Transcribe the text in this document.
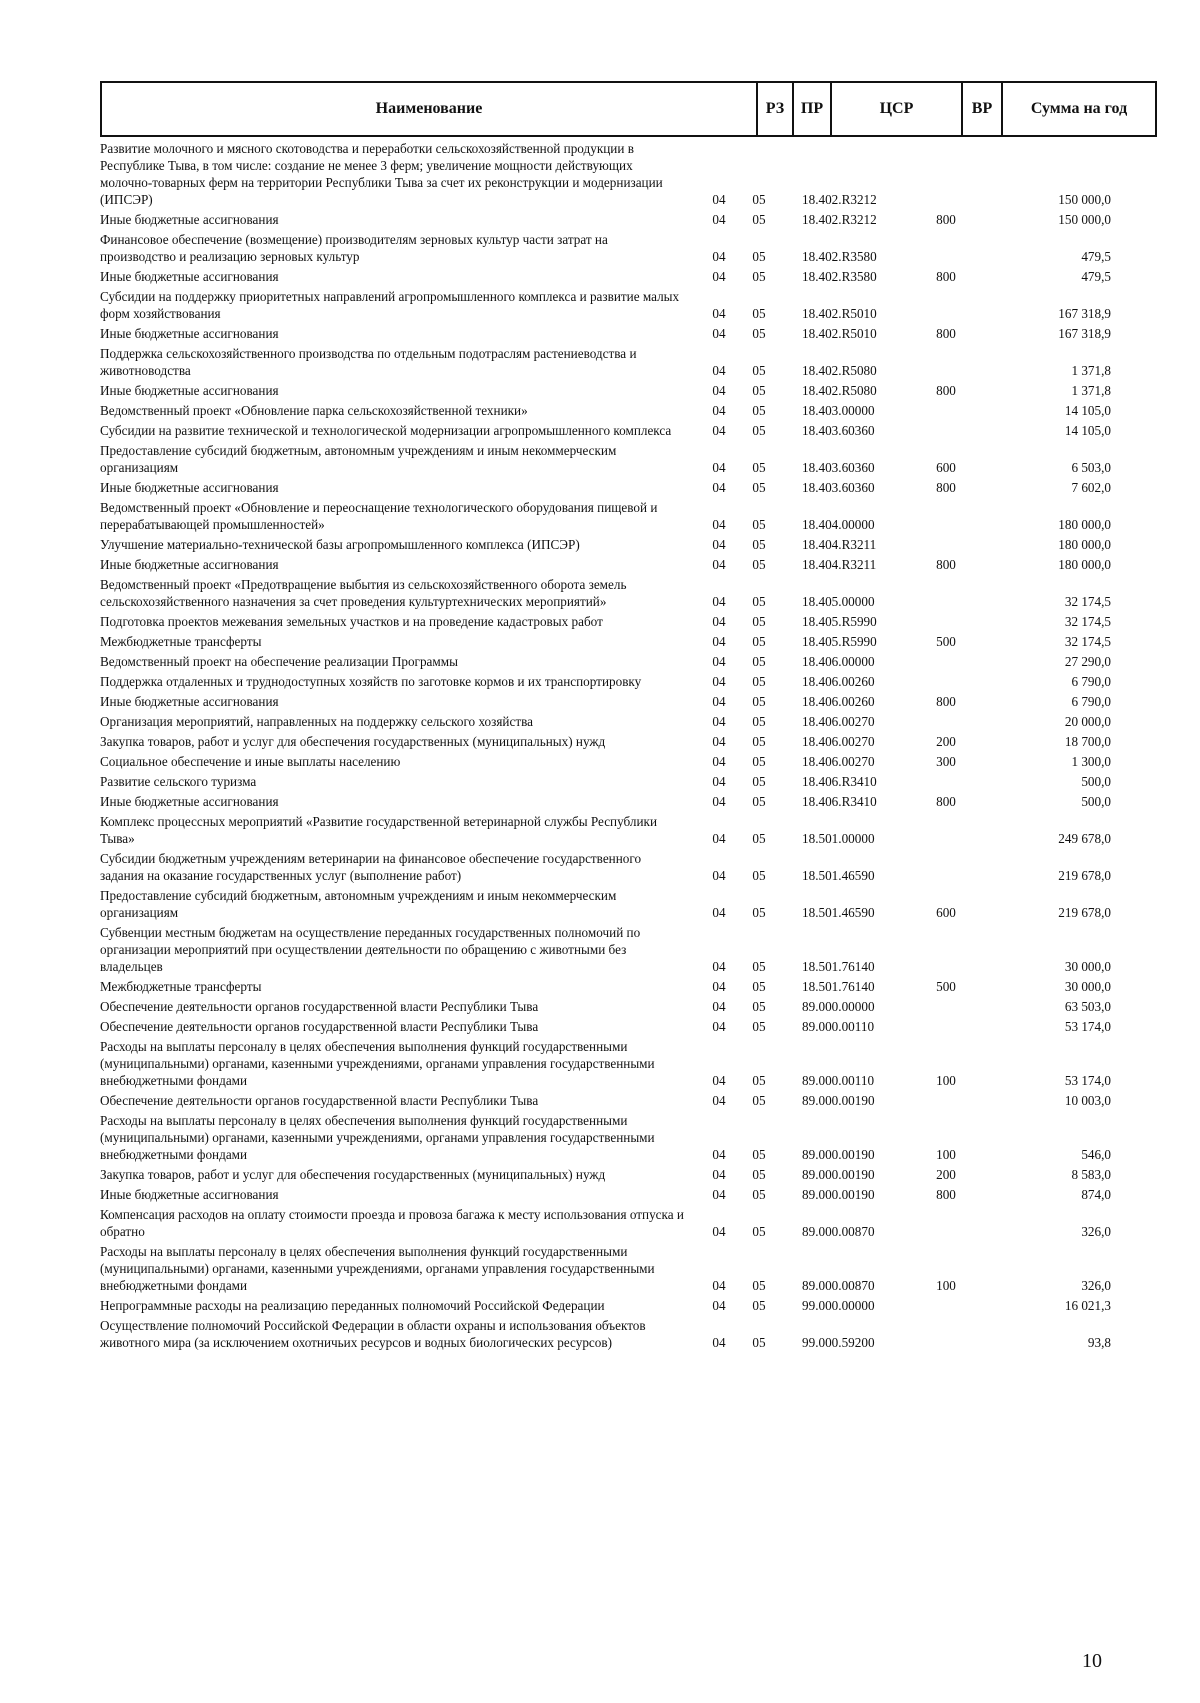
Наименование	РЗ	ПР	ЦСР	ВР	Сумма на год
Развитие молочного и мясного скотоводства и переработки сельскохозяйственной продукции в Республике Тыва, в том числе: создание не менее 3 ферм; увеличение мощности действующих молочно-товарных ферм на территории Республики Тыва за счет их реконструкции и модернизации (ИПСЭР)	04	05	18.402.R3212		150 000,0
Иные бюджетные ассигнования	04	05	18.402.R3212	800	150 000,0
Финансовое обеспечение (возмещение) производителям зерновых культур части затрат на производство и реализацию зерновых культур	04	05	18.402.R3580		479,5
Иные бюджетные ассигнования	04	05	18.402.R3580	800	479,5
Субсидии на поддержку приоритетных направлений агропромышленного комплекса и развитие малых форм хозяйствования	04	05	18.402.R5010		167 318,9
Иные бюджетные ассигнования	04	05	18.402.R5010	800	167 318,9
Поддержка сельскохозяйственного производства по отдельным подотраслям растениеводства и животноводства	04	05	18.402.R5080		1 371,8
Иные бюджетные ассигнования	04	05	18.402.R5080	800	1 371,8
Ведомственный проект «Обновление парка сельскохозяйственной техники»	04	05	18.403.00000		14 105,0
Субсидии на развитие технической и технологической модернизации агропромышленного комплекса	04	05	18.403.60360		14 105,0
Предоставление субсидий бюджетным, автономным учреждениям и иным некоммерческим организациям	04	05	18.403.60360	600	6 503,0
Иные бюджетные ассигнования	04	05	18.403.60360	800	7 602,0
Ведомственный проект «Обновление и переоснащение технологического оборудования пищевой и перерабатывающей промышленностей»	04	05	18.404.00000		180 000,0
Улучшение материально-технической базы агропромышленного комплекса (ИПСЭР)	04	05	18.404.R3211		180 000,0
Иные бюджетные ассигнования	04	05	18.404.R3211	800	180 000,0
Ведомственный проект «Предотвращение выбытия из сельскохозяйственного оборота земель сельскохозяйственного назначения за счет проведения культуртехнических мероприятий»	04	05	18.405.00000		32 174,5
Подготовка проектов межевания земельных участков и на проведение кадастровых работ	04	05	18.405.R5990		32 174,5
Межбюджетные трансферты	04	05	18.405.R5990	500	32 174,5
Ведомственный проект на обеспечение реализации Программы	04	05	18.406.00000		27 290,0
Поддержка отдаленных и труднодоступных хозяйств по заготовке кормов и их транспортировку	04	05	18.406.00260		6 790,0
Иные бюджетные ассигнования	04	05	18.406.00260	800	6 790,0
Организация мероприятий, направленных на поддержку сельского хозяйства	04	05	18.406.00270		20 000,0
Закупка товаров, работ и услуг для обеспечения государственных (муниципальных) нужд	04	05	18.406.00270	200	18 700,0
Социальное обеспечение и иные выплаты населению	04	05	18.406.00270	300	1 300,0
Развитие сельского туризма	04	05	18.406.R3410		500,0
Иные бюджетные ассигнования	04	05	18.406.R3410	800	500,0
Комплекс процессных мероприятий «Развитие государственной ветеринарной службы Республики Тыва»	04	05	18.501.00000		249 678,0
Субсидии бюджетным учреждениям ветеринарии на финансовое обеспечение государственного задания на оказание государственных услуг (выполнение работ)	04	05	18.501.46590		219 678,0
Предоставление субсидий бюджетным, автономным учреждениям и иным некоммерческим организациям	04	05	18.501.46590	600	219 678,0
Субвенции местным бюджетам на осуществление переданных государственных полномочий по организации мероприятий при осуществлении деятельности по обращению с животными без владельцев	04	05	18.501.76140		30 000,0
Межбюджетные трансферты	04	05	18.501.76140	500	30 000,0
Обеспечение деятельности органов государственной власти Республики Тыва	04	05	89.000.00000		63 503,0
Обеспечение деятельности органов государственной власти Республики Тыва	04	05	89.000.00110		53 174,0
Расходы на выплаты персоналу в целях обеспечения выполнения функций государственными (муниципальными) органами, казенными учреждениями, органами управления государственными внебюджетными фондами	04	05	89.000.00110	100	53 174,0
Обеспечение деятельности органов государственной власти Республики Тыва	04	05	89.000.00190		10 003,0
Расходы на выплаты персоналу в целях обеспечения выполнения функций государственными (муниципальными) органами, казенными учреждениями, органами управления государственными внебюджетными фондами	04	05	89.000.00190	100	546,0
Закупка товаров, работ и услуг для обеспечения государственных (муниципальных) нужд	04	05	89.000.00190	200	8 583,0
Иные бюджетные ассигнования	04	05	89.000.00190	800	874,0
Компенсация расходов на оплату стоимости проезда и провоза багажа к месту использования отпуска и обратно	04	05	89.000.00870		326,0
Расходы на выплаты персоналу в целях обеспечения выполнения функций государственными (муниципальными) органами, казенными учреждениями, органами управления государственными внебюджетными фондами	04	05	89.000.00870	100	326,0
Непрограммные расходы на реализацию переданных полномочий Российской Федерации	04	05	99.000.00000		16 021,3
Осуществление полномочий Российской Федерации в области охраны и использования объектов животного мира (за исключением охотничьих ресурсов и водных биологических ресурсов)	04	05	99.000.59200		93,8
10
